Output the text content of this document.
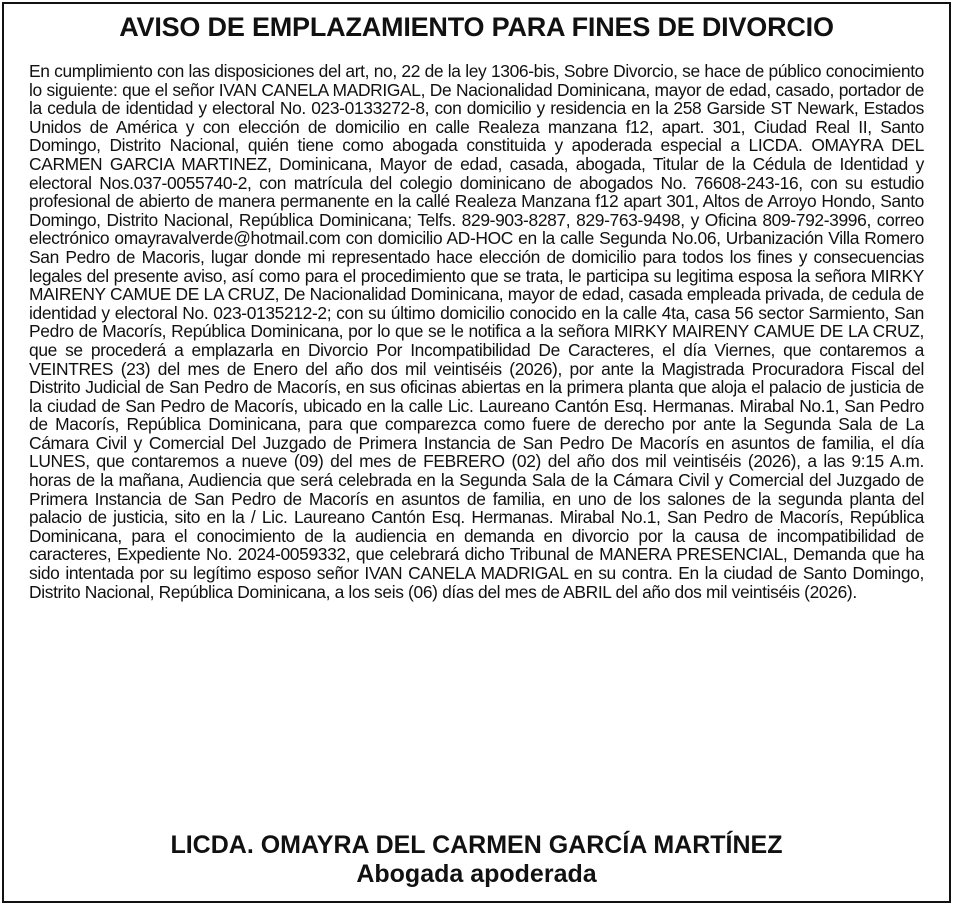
AVISO DE EMPLAZAMIENTO PARA FINES DE DIVORCIO

En cumplimiento con las disposiciones del art, no, 22 de la ley 1306-bis, Sobre Divorcio, se hace de público conocimiento lo siguiente: que el señor IVAN CANELA MADRIGAL, De Nacionalidad Dominicana, mayor de edad, casado, portador de la cedula de identidad y electoral No. 023-0133272-8, con domicilio y residencia en la 258 Garside ST Newark, Estados Unidos de América y con elección de domicilio en calle Realeza manzana f12, apart. 301, Ciudad Real II, Santo Domingo, Distrito Nacional, quién tiene como abogada constituida y apoderada especial a LICDA. OMAYRA DEL CARMEN GARCIA MARTINEZ, Dominicana, Mayor de edad, casada, abogada, Titular de la Cédula de Identidad y electoral Nos.037-0055740-2, con matrícula del colegio dominicano de abogados No. 76608-243-16, con su estudio profesional de abierto de manera permanente en la callé Realeza Manzana f12 apart 301, Altos de Arroyo Hondo, Santo Domingo, Distrito Nacional, República Dominicana; Telfs. 829-903-8287, 829-763-9498, y Oficina 809-792-3996, correo electrónico omayravalverde@hotmail.com con domicilio AD-HOC en la calle Segunda No.06, Urbanización Villa Romero San Pedro de Macoris, lugar donde mi representado hace elección de domicilio para todos los fines y consecuencias legales del presente aviso, así como para el procedimiento que se trata, le participa su legitima esposa la señora MIRKY MAIRENY CAMUE DE LA CRUZ, De Nacionalidad Dominicana, mayor de edad, casada empleada privada, de cedula de identidad y electoral No. 023-0135212-2; con su último domicilio conocido en la calle 4ta, casa 56 sector Sarmiento, San Pedro de Macorís, República Dominicana, por lo que se le notifica a la señora MIRKY MAIRENY CAMUE DE LA CRUZ, que se procederá a emplazarla en Divorcio Por Incompatibilidad De Caracteres, el día Viernes, que contaremos a VEINTRES (23) del mes de Enero del año dos mil veintiséis (2026), por ante la Magistrada Procuradora Fiscal del Distrito Judicial de San Pedro de Macorís, en sus oficinas abiertas en la primera planta que aloja el palacio de justicia de la ciudad de San Pedro de Macorís, ubicado en la calle Lic. Laureano Cantón Esq. Hermanas. Mirabal No.1, San Pedro de Macorís, República Dominicana, para que comparezca como fuere de derecho por ante la Segunda Sala de La Cámara Civil y Comercial Del Juzgado de Primera Instancia de San Pedro De Macorís en asuntos de familia, el día LUNES, que contaremos a nueve (09) del mes de FEBRERO (02) del año dos mil veintiséis (2026), a las 9:15 A.m. horas de la mañana, Audiencia que será celebrada en la Segunda Sala de la Cámara Civil y Comercial del Juzgado de Primera Instancia de San Pedro de Macorís en asuntos de familia, en uno de los salones de la segunda planta del palacio de justicia, sito en la / Lic. Laureano Cantón Esq. Hermanas. Mirabal No.1, San Pedro de Macorís, República Dominicana, para el conocimiento de la audiencia en demanda en divorcio por la causa de incompatibilidad de caracteres, Expediente No. 2024-0059332, que celebrará dicho Tribunal de MANERA PRESENCIAL, Demanda que ha sido intentada por su legítimo esposo señor IVAN CANELA MADRIGAL en su contra. En la ciudad de Santo Domingo, Distrito Nacional, República Dominicana, a los seis (06) días del mes de ABRIL del año dos mil veintiséis (2026).

LICDA. OMAYRA DEL CARMEN GARCÍA MARTÍNEZ
Abogada apoderada
